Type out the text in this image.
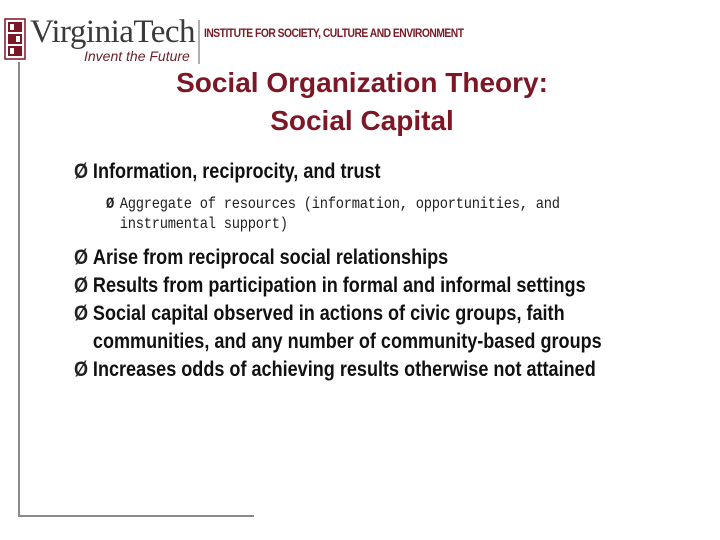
VirginiaTech
Invent the Future
INSTITUTE FOR SOCIETY, CULTURE AND ENVIRONMENT
Social Organization Theory:
Social Capital
Ø Information, reciprocity, and trust
Ø Aggregate of resources (information, opportunities, and instrumental support)
Ø Arise from reciprocal social relationships
Ø Results from participation in formal and informal settings
Ø Social capital observed in actions of civic groups, faith communities, and any number of community-based groups
Ø Increases odds of achieving results otherwise not attained
